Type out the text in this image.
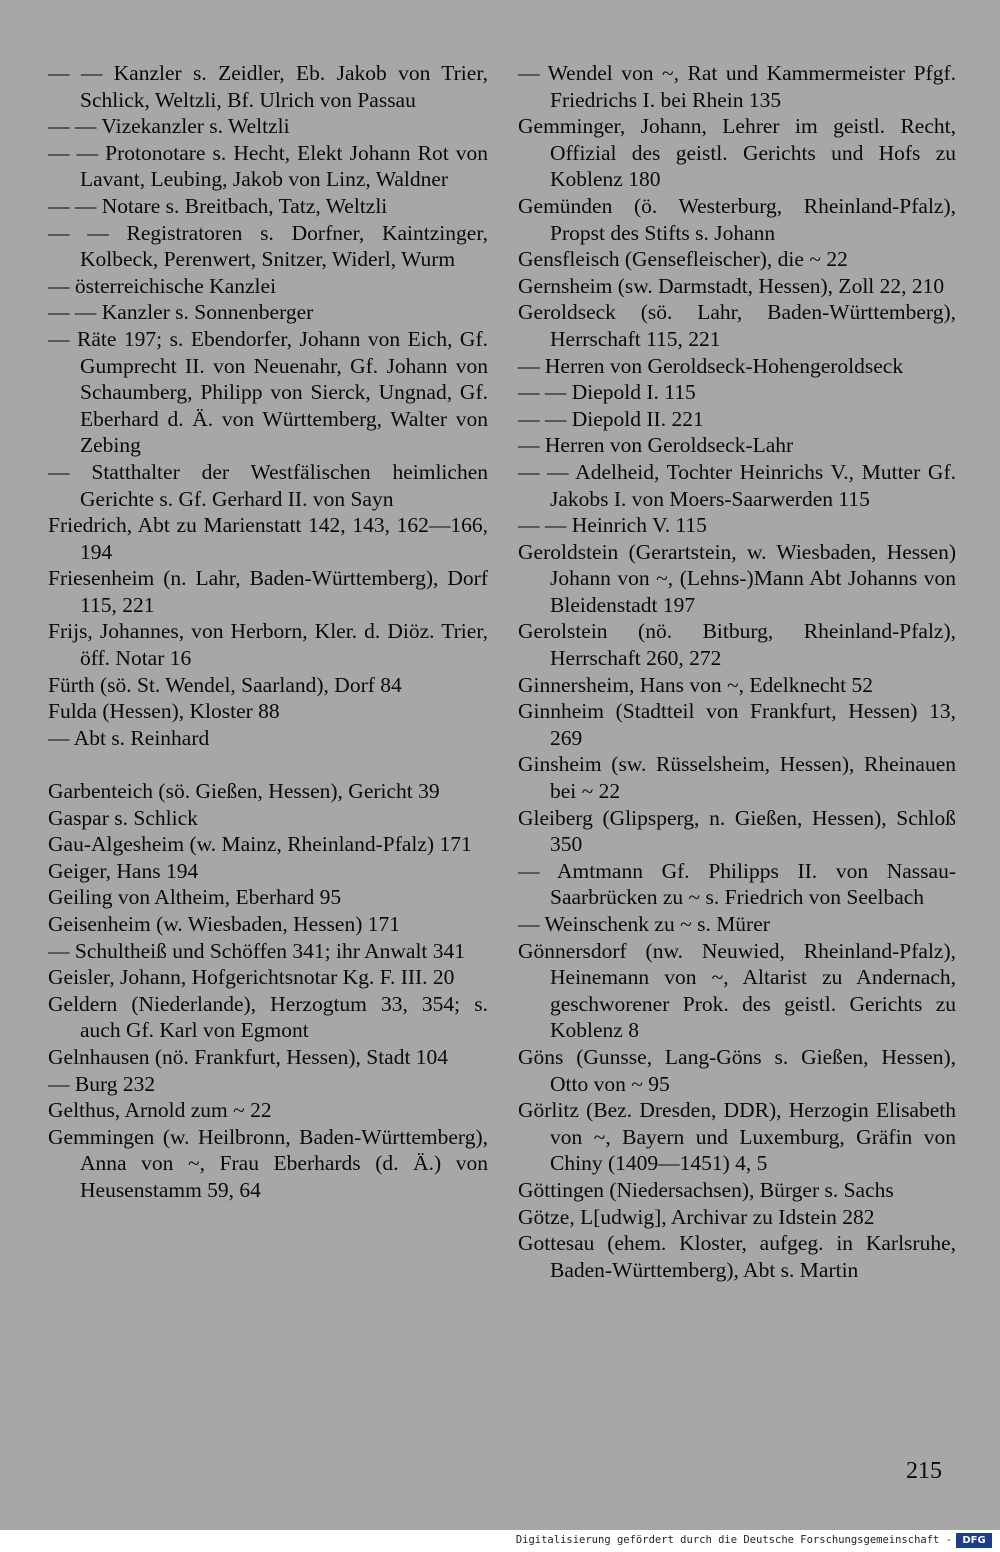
— — Kanzler s. Zeidler, Eb. Jakob von Trier, Schlick, Weltzli, Bf. Ulrich von Passau

— — Vizekanzler s. Weltzli

— — Protonotare s. Hecht, Elekt Johann Rot von Lavant, Leubing, Jakob von Linz, Waldner

— — Notare s. Breitbach, Tatz, Weltzli

— — Registratoren s. Dorfner, Kaintzinger, Kolbeck, Perenwert, Snitzer, Widerl, Wurm

— österreichische Kanzlei

— — Kanzler s. Sonnenberger

— Räte 197; s. Ebendorfer, Johann von Eich, Gf. Gumprecht II. von Neuenahr, Gf. Johann von Schaumberg, Philipp von Sierck, Ungnad, Gf. Eberhard d. Ä. von Württemberg, Walter von Zebing

— Statthalter der Westfälischen heimlichen Gerichte s. Gf. Gerhard II. von Sayn

Friedrich, Abt zu Marienstatt 142, 143, 162—166, 194

Friesenheim (n. Lahr, Baden-Württemberg), Dorf 115, 221

Frijs, Johannes, von Herborn, Kler. d. Diöz. Trier, öff. Notar 16

Fürth (sö. St. Wendel, Saarland), Dorf 84

Fulda (Hessen), Kloster 88

— Abt s. Reinhard

Garbenteich (sö. Gießen, Hessen), Gericht 39

Gaspar s. Schlick

Gau-Algesheim (w. Mainz, Rheinland-Pfalz) 171

Geiger, Hans 194

Geiling von Altheim, Eberhard 95

Geisenheim (w. Wiesbaden, Hessen) 171

— Schultheiß und Schöffen 341; ihr Anwalt 341

Geisler, Johann, Hofgerichtsnotar Kg. F. III. 20

Geldern (Niederlande), Herzogtum 33, 354; s. auch Gf. Karl von Egmont

Gelnhausen (nö. Frankfurt, Hessen), Stadt 104

— Burg 232

Gelthus, Arnold zum ~ 22

Gemmingen (w. Heilbronn, Baden-Württemberg), Anna von ~, Frau Eberhards (d. Ä.) von Heusenstamm 59, 64

— Wendel von ~, Rat und Kammermeister Pfgf. Friedrichs I. bei Rhein 135

Gemminger, Johann, Lehrer im geistl. Recht, Offizial des geistl. Gerichts und Hofs zu Koblenz 180

Gemünden (ö. Westerburg, Rheinland-Pfalz), Propst des Stifts s. Johann

Gensfleisch (Gensefleischer), die ~ 22

Gernsheim (sw. Darmstadt, Hessen), Zoll 22, 210

Geroldseck (sö. Lahr, Baden-Württemberg), Herrschaft 115, 221

— Herren von Geroldseck-Hohengeroldseck

— — Diepold I. 115

— — Diepold II. 221

— Herren von Geroldseck-Lahr

— — Adelheid, Tochter Heinrichs V., Mutter Gf. Jakobs I. von Moers-Saarwerden 115

— — Heinrich V. 115

Geroldstein (Gerartstein, w. Wiesbaden, Hessen) Johann von ~, (Lehns-)Mann Abt Johanns von Bleidenstadt 197

Gerolstein (nö. Bitburg, Rheinland-Pfalz), Herrschaft 260, 272

Ginnersheim, Hans von ~, Edelknecht 52

Ginnheim (Stadtteil von Frankfurt, Hessen) 13, 269

Ginsheim (sw. Rüsselsheim, Hessen), Rheinauen bei ~ 22

Gleiberg (Glipsperg, n. Gießen, Hessen), Schloß 350

— Amtmann Gf. Philipps II. von Nassau-Saarbrücken zu ~ s. Friedrich von Seelbach

— Weinschenk zu ~ s. Mürer

Gönnersdorf (nw. Neuwied, Rheinland-Pfalz), Heinemann von ~, Altarist zu Andernach, geschworener Prok. des geistl. Gerichts zu Koblenz 8

Göns (Gunsse, Lang-Göns s. Gießen, Hessen), Otto von ~ 95

Görlitz (Bez. Dresden, DDR), Herzogin Elisabeth von ~, Bayern und Luxemburg, Gräfin von Chiny (1409—1451) 4, 5

Göttingen (Niedersachsen), Bürger s. Sachs

Götze, L[udwig], Archivar zu Idstein 282

Gottesau (ehem. Kloster, aufgeg. in Karlsruhe, Baden-Württemberg), Abt s. Martin

215
Digitalisierung gefördert durch die Deutsche Forschungsgemeinschaft -	DFG
